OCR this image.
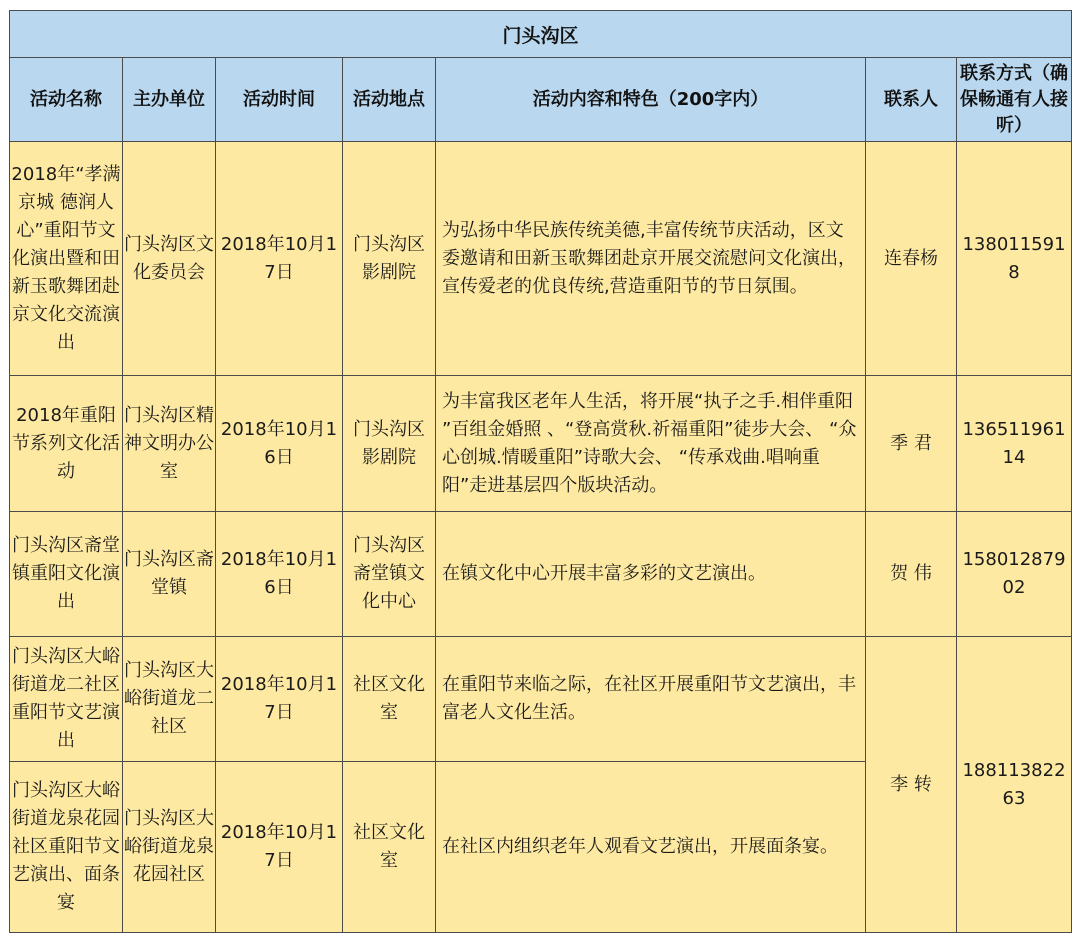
门头沟区						
活动名称	主办单位	活动时间	活动地点	活动内容和特色（200字内）	联系人	联系方式（确保畅通有人接听）
2018年“孝满京城 德润人心”重阳节文化演出暨和田新玉歌舞团赴京文化交流演出	门头沟区文化委员会	2018年10月17日	门头沟区影剧院	为弘扬中华民族传统美德,丰富传统节庆活动，区文委邀请和田新玉歌舞团赴京开展交流慰问文化演出，宣传爱老的优良传统,营造重阳节的节日氛围。	连春杨	138011591 8
2018年重阳节系列文化活动	门头沟区精神文明办公室	2018年10月16日	门头沟区影剧院	为丰富我区老年人生活，将开展“执子之手.相伴重阳 ”百组金婚照 、“登高赏秋.祈福重阳”徒步大会、 “众心创城.情暖重阳”诗歌大会、 “传承戏曲.唱响重阳”走进基层四个版块活动。	季 君	136511961 14
门头沟区斋堂镇重阳文化演出	门头沟区斋堂镇	2018年10月16日	门头沟区斋堂镇文化中心	在镇文化中心开展丰富多彩的文艺演出。	贺 伟	158012879 02
门头沟区大峪街道龙二社区重阳节文艺演出	门头沟区大峪街道龙二社区	2018年10月17日	社区文化室	在重阳节来临之际，在社区开展重阳节文艺演出，丰富老人文化生活。	李 转	188113822 63
门头沟区大峪街道龙泉花园社区重阳节文艺演出、面条宴	门头沟区大峪街道龙泉花园社区	2018年10月17日	社区文化室	在社区内组织老年人观看文艺演出，开展面条宴。		
